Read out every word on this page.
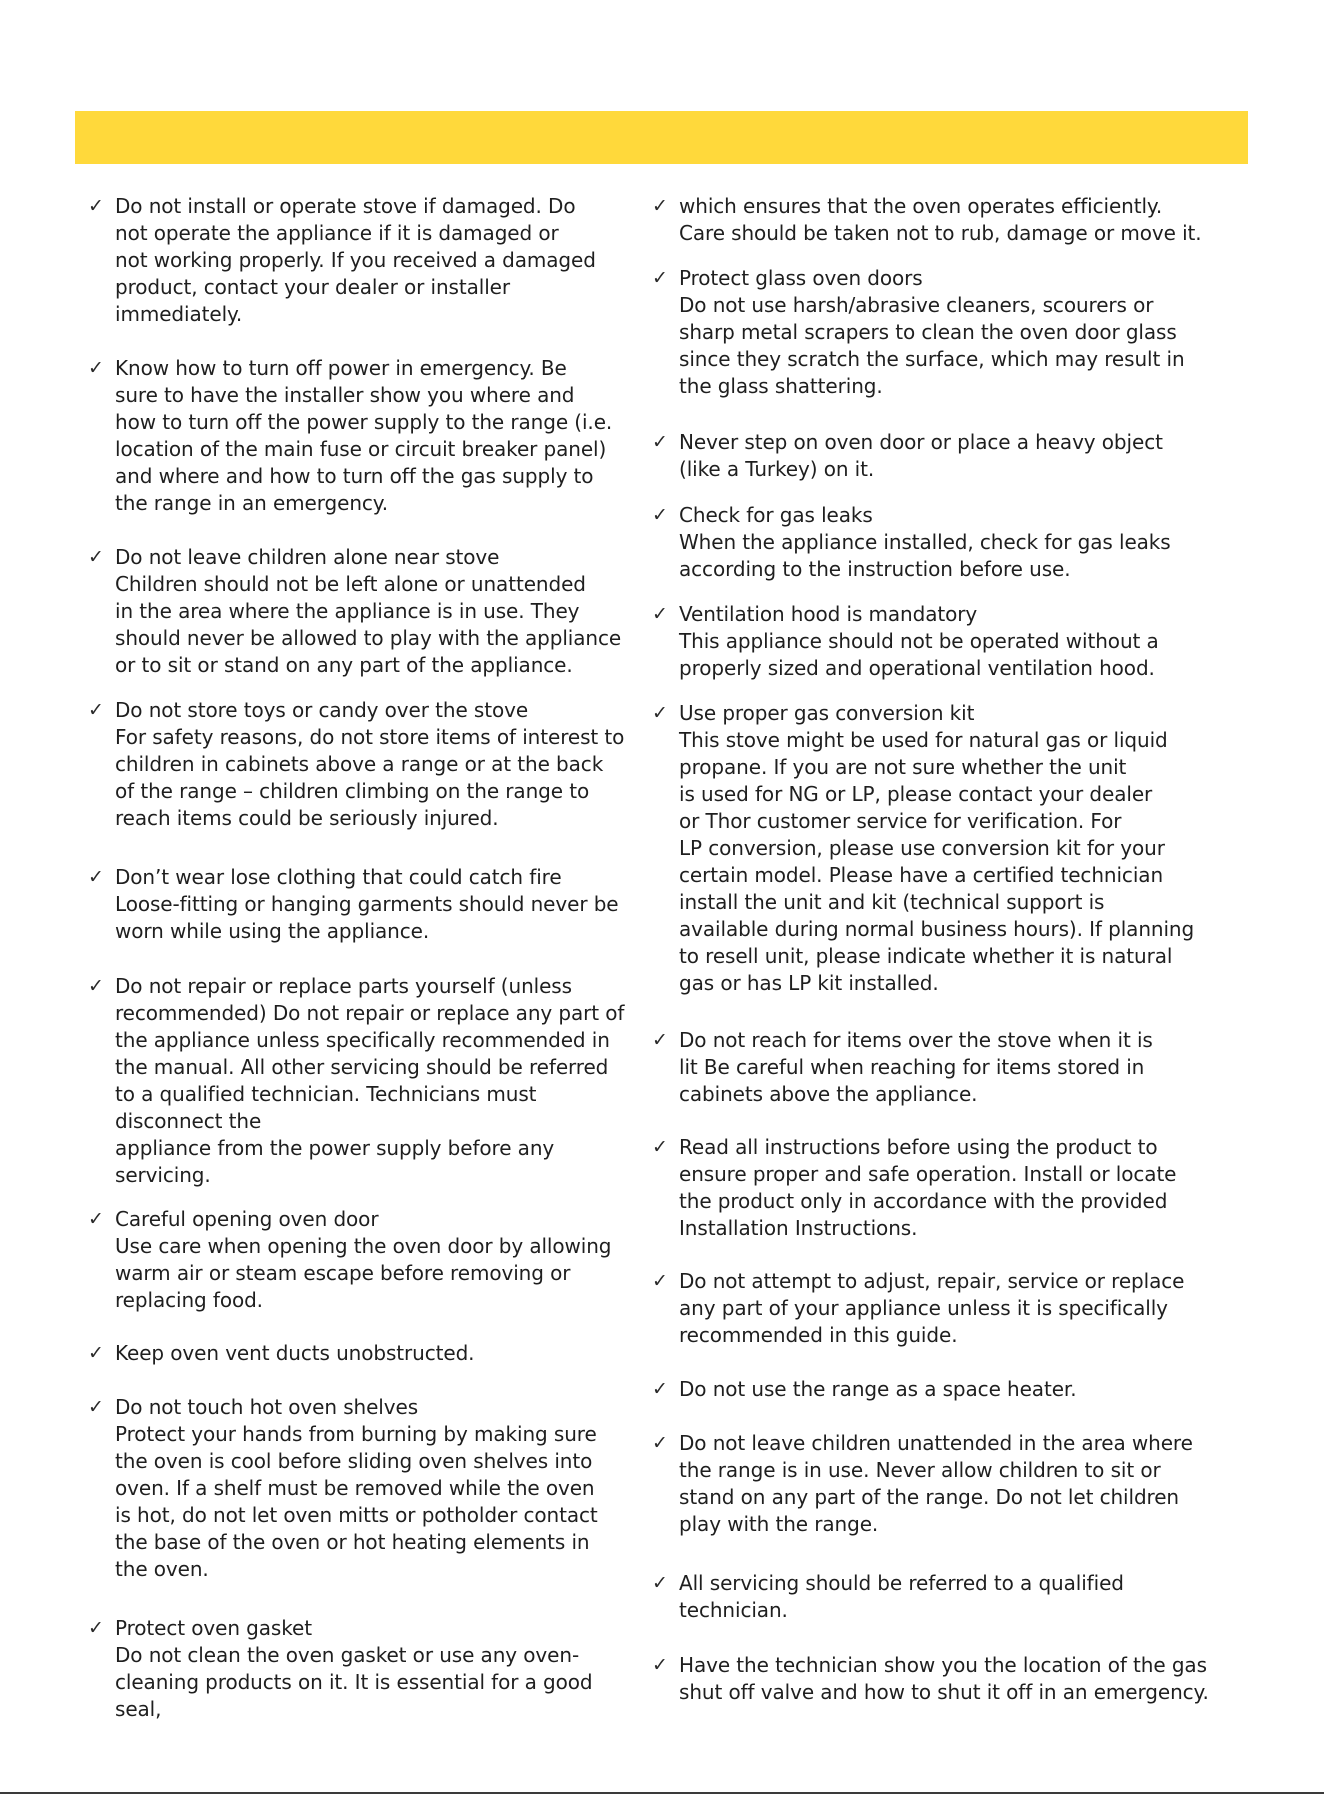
✓ Do not install or operate stove if damaged. Do
not operate the appliance if it is damaged or
not working properly. If you received a damaged
product, contact your dealer or installer
immediately.
✓ Know how to turn off power in emergency. Be
sure to have the installer show you where and
how to turn off the power supply to the range (i.e.
location of the main fuse or circuit breaker panel)
and where and how to turn off the gas supply to
the range in an emergency.
✓ Do not leave children alone near stove
Children should not be left alone or unattended
in the area where the appliance is in use. They
should never be allowed to play with the appliance
or to sit or stand on any part of the appliance.
✓ Do not store toys or candy over the stove
For safety reasons, do not store items of interest to
children in cabinets above a range or at the back
of the range – children climbing on the range to
reach items could be seriously injured.
✓ Don’t wear lose clothing that could catch fire
Loose-fitting or hanging garments should never be
worn while using the appliance.
✓ Do not repair or replace parts yourself (unless
recommended) Do not repair or replace any part of
the appliance unless specifically recommended in
the manual. All other servicing should be referred
to a qualified technician. Technicians must
disconnect the
appliance from the power supply before any
servicing.
✓ Careful opening oven door
Use care when opening the oven door by allowing
warm air or steam escape before removing or
replacing food.
✓ Keep oven vent ducts unobstructed.
✓ Do not touch hot oven shelves
Protect your hands from burning by making sure
the oven is cool before sliding oven shelves into
oven. If a shelf must be removed while the oven
is hot, do not let oven mitts or potholder contact
the base of the oven or hot heating elements in
the oven.
✓ Protect oven gasket
Do not clean the oven gasket or use any oven-
cleaning products on it. It is essential for a good
seal,
✓ which ensures that the oven operates efficiently.
Care should be taken not to rub, damage or move it.
✓ Protect glass oven doors
Do not use harsh/abrasive cleaners, scourers or
sharp metal scrapers to clean the oven door glass
since they scratch the surface, which may result in
the glass shattering.
✓ Never step on oven door or place a heavy object
(like a Turkey) on it.
✓ Check for gas leaks
When the appliance installed, check for gas leaks
according to the instruction before use.
✓ Ventilation hood is mandatory
This appliance should not be operated without a
properly sized and operational ventilation hood.
✓ Use proper gas conversion kit
This stove might be used for natural gas or liquid
propane. If you are not sure whether the unit
is used for NG or LP, please contact your dealer
or Thor customer service for verification. For
LP conversion, please use conversion kit for your
certain model. Please have a certified technician
install the unit and kit (technical support is
available during normal business hours). If planning
to resell unit, please indicate whether it is natural
gas or has LP kit installed.
✓ Do not reach for items over the stove when it is
lit Be careful when reaching for items stored in
cabinets above the appliance.
✓ Read all instructions before using the product to
ensure proper and safe operation. Install or locate
the product only in accordance with the provided
Installation Instructions.
✓ Do not attempt to adjust, repair, service or replace
any part of your appliance unless it is specifically
recommended in this guide.
✓ Do not use the range as a space heater.
✓ Do not leave children unattended in the area where
the range is in use. Never allow children to sit or
stand on any part of the range. Do not let children
play with the range.
✓ All servicing should be referred to a qualified
technician.
✓ Have the technician show you the location of the gas
shut off valve and how to shut it off in an emergency.
